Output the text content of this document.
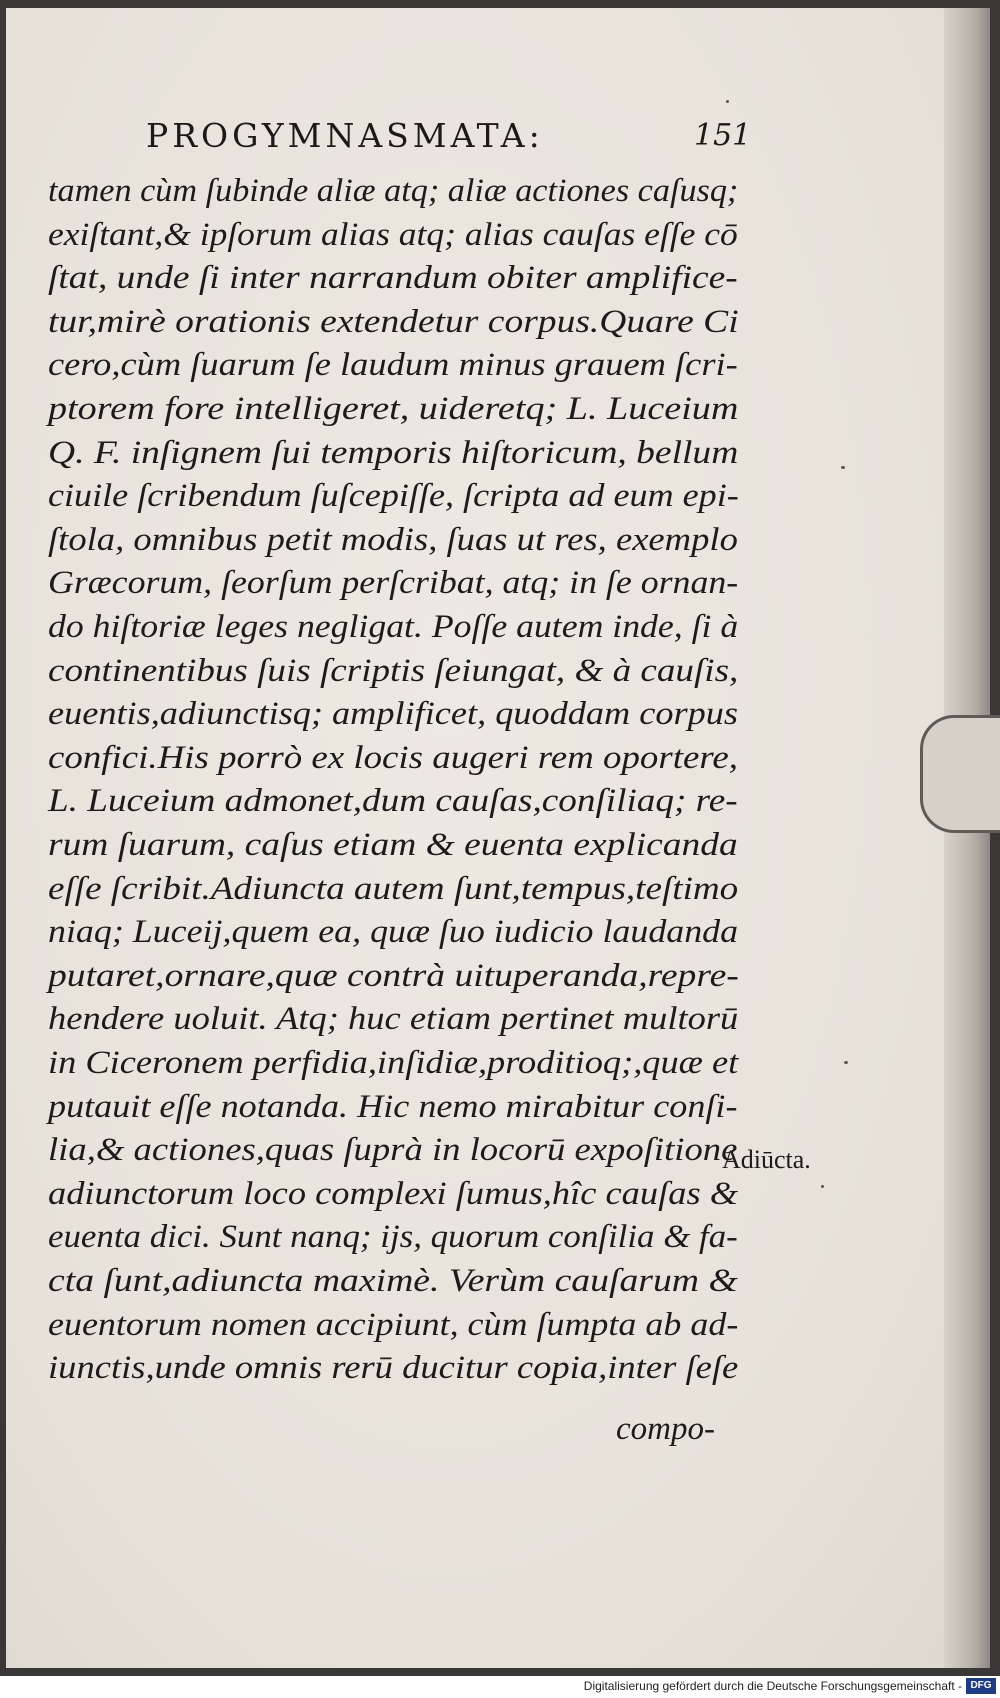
PROGYMNASMATA:	151
tamen cùm ſubinde aliæ atq; aliæ actiones caſusq;
exiſtant,& ipſorum alias atq; alias cauſas eſſe cō
ſtat, unde ſi inter narrandum obiter amplifice-
tur,mirè orationis extendetur corpus.Quare Ci
cero,cùm ſuarum ſe laudum minus grauem ſcri-
ptorem fore intelligeret, uideretq; L. Luceium
Q. F. inſignem ſui temporis hiſtoricum, bellum
ciuile ſcribendum ſuſcepiſſe, ſcripta ad eum epi-
ſtola, omnibus petit modis, ſuas ut res, exemplo
Græcorum, ſeorſum perſcribat, atq; in ſe ornan-
do hiſtoriæ leges negligat. Poſſe autem inde, ſi à
continentibus ſuis ſcriptis ſeiungat, & à cauſis,
euentis,adiunctisq; amplificet, quoddam corpus
confici.His porrò ex locis augeri rem oportere,
L. Luceium admonet,dum cauſas,conſiliaq; re-
rum ſuarum, caſus etiam & euenta explicanda
eſſe ſcribit.Adiuncta autem ſunt,tempus,teſtimo
niaq; Luceij,quem ea, quæ ſuo iudicio laudanda
putaret,ornare,quæ contrà uituperanda,repre-
hendere uoluit. Atq; huc etiam pertinet multorū
in Ciceronem perfidia,inſidiæ,proditioq;,quæ et
putauit eſſe notanda. Hic nemo mirabitur conſi-
lia,& actiones,quas ſuprà in locorū expoſitione
adiunctorum loco complexi ſumus,hîc cauſas &
euenta dici. Sunt nanq; ijs, quorum conſilia & fa-
cta ſunt,adiuncta maximè. Verùm cauſarum &
euentorum nomen accipiunt, cùm ſumpta ab ad-
iunctis,unde omnis rerū ducitur copia,inter ſeſe
Adiūcta.
compo-
Digitalisierung gefördert durch die Deutsche Forschungsgemeinschaft - DFG
